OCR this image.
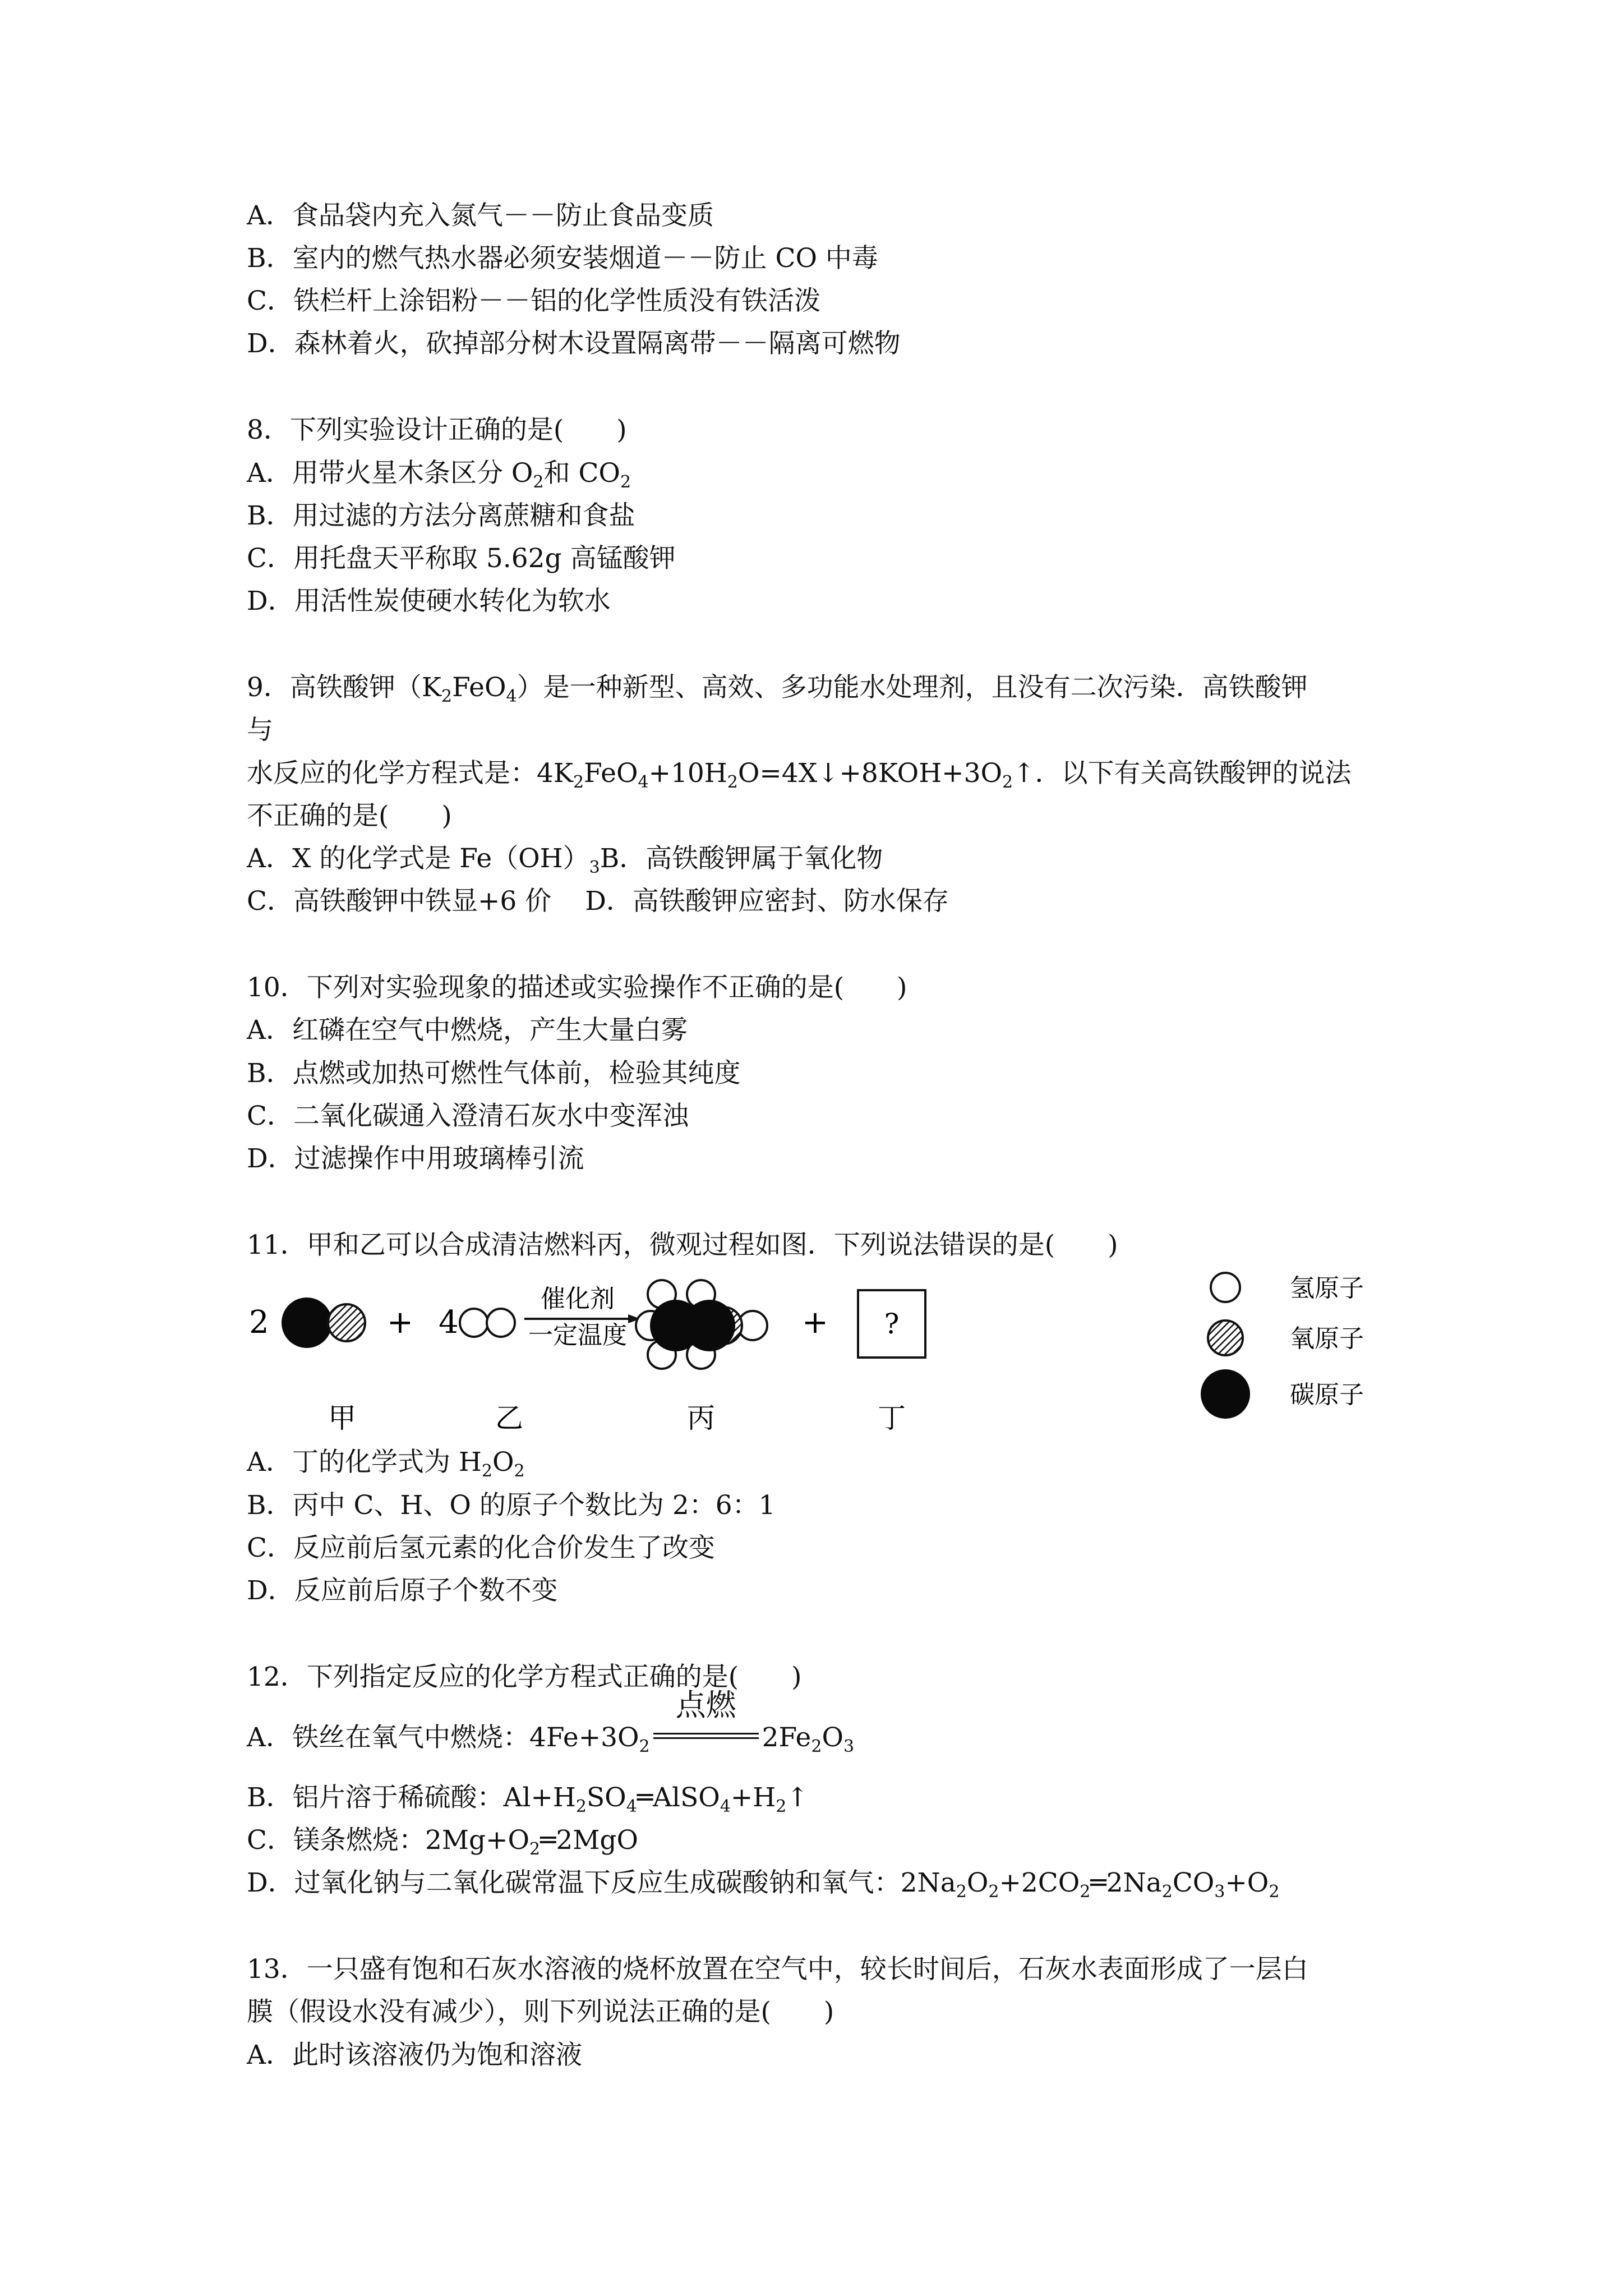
A．食品袋内充入氮气－－防止食品变质
B．室内的燃气热水器必须安装烟道－－防止 CO 中毒
C．铁栏杆上涂铝粉－－铝的化学性质没有铁活泼
D．森林着火，砍掉部分树木设置隔离带－－隔离可燃物
8．下列实验设计正确的是(　　)
A．用带火星木条区分 $O_2$和 $CO_2$
B．用过滤的方法分离蔗糖和食盐
C．用托盘天平称取 5.62g 高锰酸钾
D．用活性炭使硬水转化为软水
9．高铁酸钾$(K_2FeO_4)$是一种新型、高效、多功能水处理剂，且没有二次污染．高铁酸钾
与
水反应的化学方程式是：$4K_2FeO_4+10H_2O=4X↓+8KOH+3O_2↑$．以下有关高铁酸钾的说法
不正确的是(　　)
A．X 的化学式是 $Fe(OH)_3B$．高铁酸钾属于氧化物
C．高铁酸钾中铁显+6 价 D．高铁酸钾应密封、防水保存
10．下列对实验现象的描述或实验操作不正确的是(　　)
A．红磷在空气中燃烧，产生大量白雾
B．点燃或加热可燃性气体前，检验其纯度
C．二氧化碳通入澄清石灰水中变浑浊
D．过滤操作中用玻璃棒引流
11．甲和乙可以合成清洁燃料丙，微观过程如图．下列说法错误的是(　　)
2	+ 4
催化剂
一定温度	+ ?
甲	乙	丙	丁
氢原子
氧原子
碳原子
A．丁的化学式为 $H_2O_2$
B．丙中 C、H、O 的原子个数比为 2：6：1
C．反应前后氢元素的化合价发生了改变
D．反应前后原子个数不变
12．下列指定反应的化学方程式正确的是(　　)
A．铁丝在氧气中燃烧：$4Fe+3O_2$
点燃
$2Fe_2O_3$
B．铝片溶于稀硫酸：$Al+H_2SO_4═AlSO_4+H_2↑$
C．镁条燃烧：$2Mg+O_2═2MgO$
D．过氧化钠与二氧化碳常温下反应生成碳酸钠和氧气：$2Na_2O_2+2CO_2═2Na_2CO_3+O_2$
13．一只盛有饱和石灰水溶液的烧杯放置在空气中，较长时间后，石灰水表面形成了一层白
膜（假设水没有减少），则下列说法正确的是(　　)
A．此时该溶液仍为饱和溶液
